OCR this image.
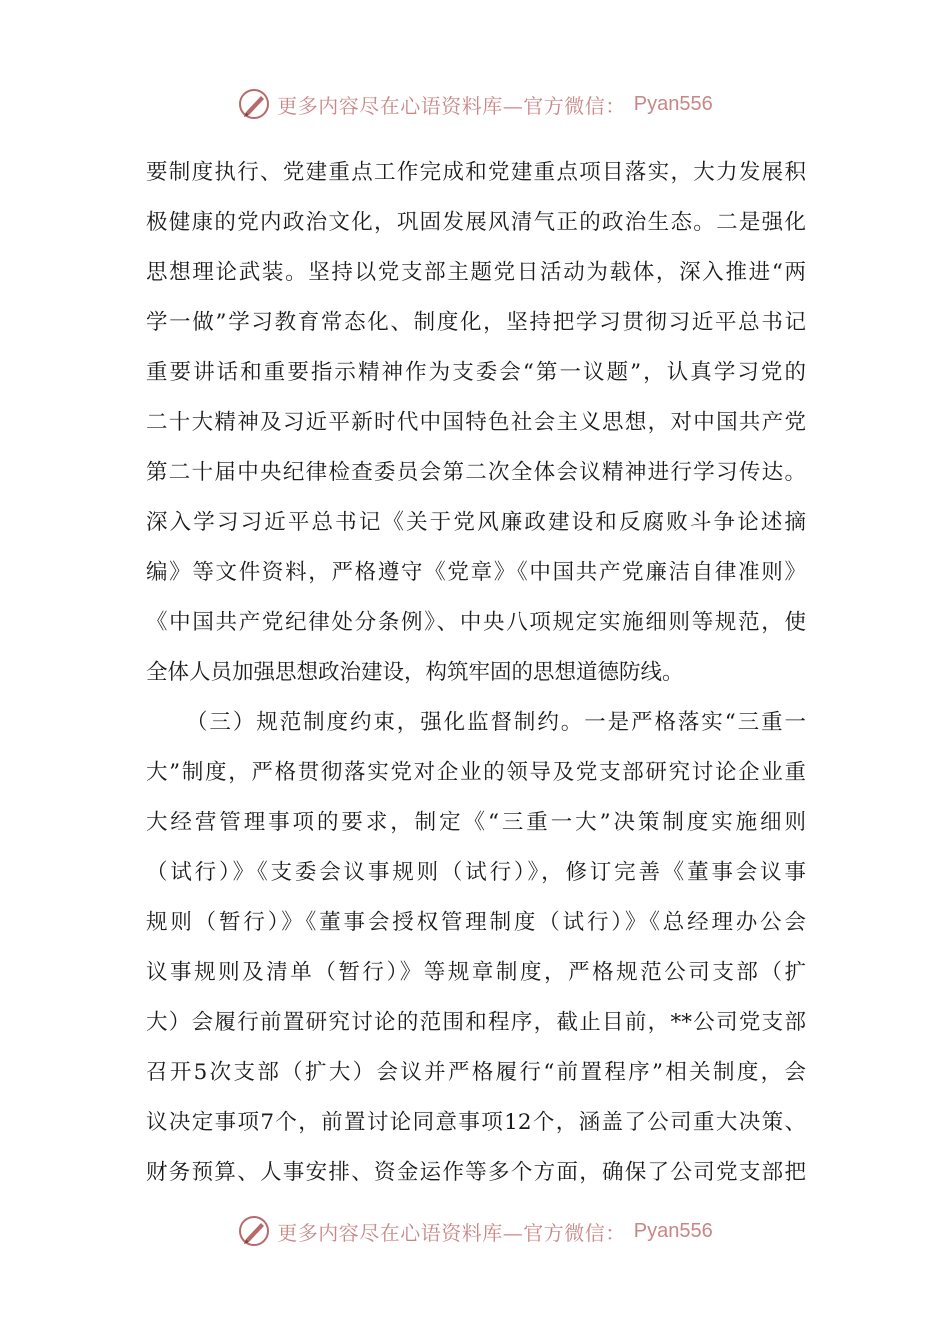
更多内容尽在心语资料库—官方微信： Pyan556
要制度执行、党建重点工作完成和党建重点项目落实，大力发展积
极健康的党内政治文化，巩固发展风清气正的政治生态。二是强化
思想理论武装。坚持以党支部主题党日活动为载体，深入推进“两
学一做”学习教育常态化、制度化，坚持把学习贯彻习近平总书记
重要讲话和重要指示精神作为支委会“第一议题”，认真学习党的
二十大精神及习近平新时代中国特色社会主义思想，对中国共产党
第二十届中央纪律检查委员会第二次全体会议精神进行学习传达。
深入学习习近平总书记《关于党风廉政建设和反腐败斗争论述摘
编》等文件资料，严格遵守《党章》《中国共产党廉洁自律准则》
《中国共产党纪律处分条例》、中央八项规定实施细则等规范，使
全体人员加强思想政治建设，构筑牢固的思想道德防线。
（三）规范制度约束，强化监督制约。一是严格落实“三重一
大”制度，严格贯彻落实党对企业的领导及党支部研究讨论企业重
大经营管理事项的要求，制定《“三重一大”决策制度实施细则
（试行）》《支委会议事规则（试行）》，修订完善《董事会议事
规则（暂行）》《董事会授权管理制度（试行）》《总经理办公会
议事规则及清单（暂行）》等规章制度，严格规范公司支部（扩
大）会履行前置研究讨论的范围和程序，截止目前，**公司党支部
召开5次支部（扩大）会议并严格履行“前置程序”相关制度，会
议决定事项7个，前置讨论同意事项12个，涵盖了公司重大决策、
财务预算、人事安排、资金运作等多个方面，确保了公司党支部把
更多内容尽在心语资料库—官方微信： Pyan556
